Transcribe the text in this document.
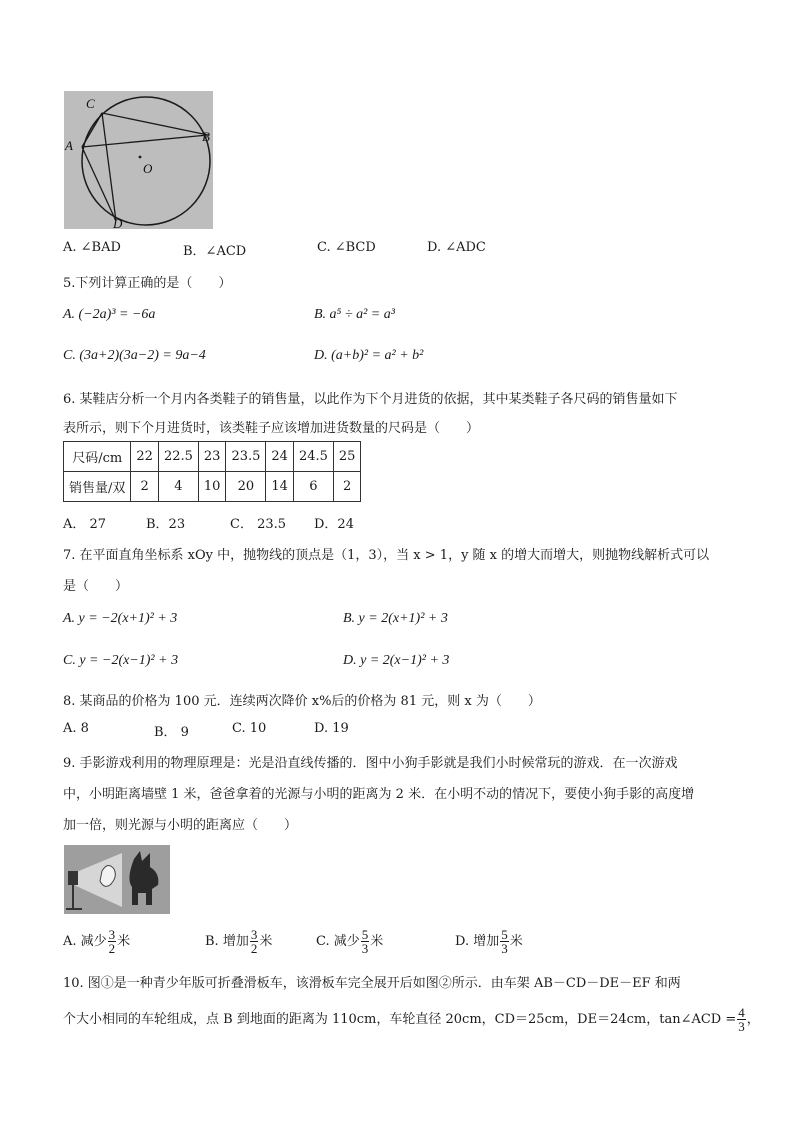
C
A
B
O
D
A. ∠BAD	B．∠ACD	C. ∠BCD	D. ∠ADC
5.下列计算正确的是（　　）
A. (−2a)³ = −6a	B. a⁵ ÷ a² = a³
C. (3a+2)(3a−2) = 9a−4	D. (a+b)² = a² + b²
6. 某鞋店分析一个月内各类鞋子的销售量，以此作为下个月进货的依据，其中某类鞋子各尺码的销售量如下
表所示，则下个月进货时，该类鞋子应该增加进货数量的尺码是（　　）
尺码/cm	22	22.5	23	23.5	24	24.5	25
销售量/双	2	4	10	20	14	6	2
A． 27	B．23	C． 23.5 D．24
7. 在平面直角坐标系 xOy 中，抛物线的顶点是（1，3），当 x > 1，y 随 x 的增大而增大，则抛物线解析式可以
是（　　）
A. y = −2(x+1)² + 3	B. y = 2(x+1)² + 3
C. y = −2(x−1)² + 3	D. y = 2(x−1)² + 3
8. 某商品的价格为 100 元．连续两次降价 x%后的价格为 81 元，则 x 为（　　）
A. 8	B． 9	C. 10	D. 19
9. 手影游戏利用的物理原理是：光是沿直线传播的．图中小狗手影就是我们小时候常玩的游戏．在一次游戏
中，小明距离墙壁 1 米，爸爸拿着的光源与小明的距离为 2 米．在小明不动的情况下，要使小狗手影的高度增
加一倍，则光源与小明的距离应（　　）
A. 减少 $\frac{3}{2}$ 米	B. 增加 $\frac{3}{2}$ 米	C. 减少 $\frac{5}{3}$ 米	D. 增加 $\frac{5}{3}$ 米
10. 图①是一种青少年版可折叠滑板车，该滑板车完全展开后如图②所示．由车架 AB－CD－DE－EF 和两
个大小相同的车轮组成，点 B 到地面的距离为 110cm，车轮直径 20cm，CD＝25cm，DE＝24cm，tan∠ACD = $\frac{4}{3}$ ，
